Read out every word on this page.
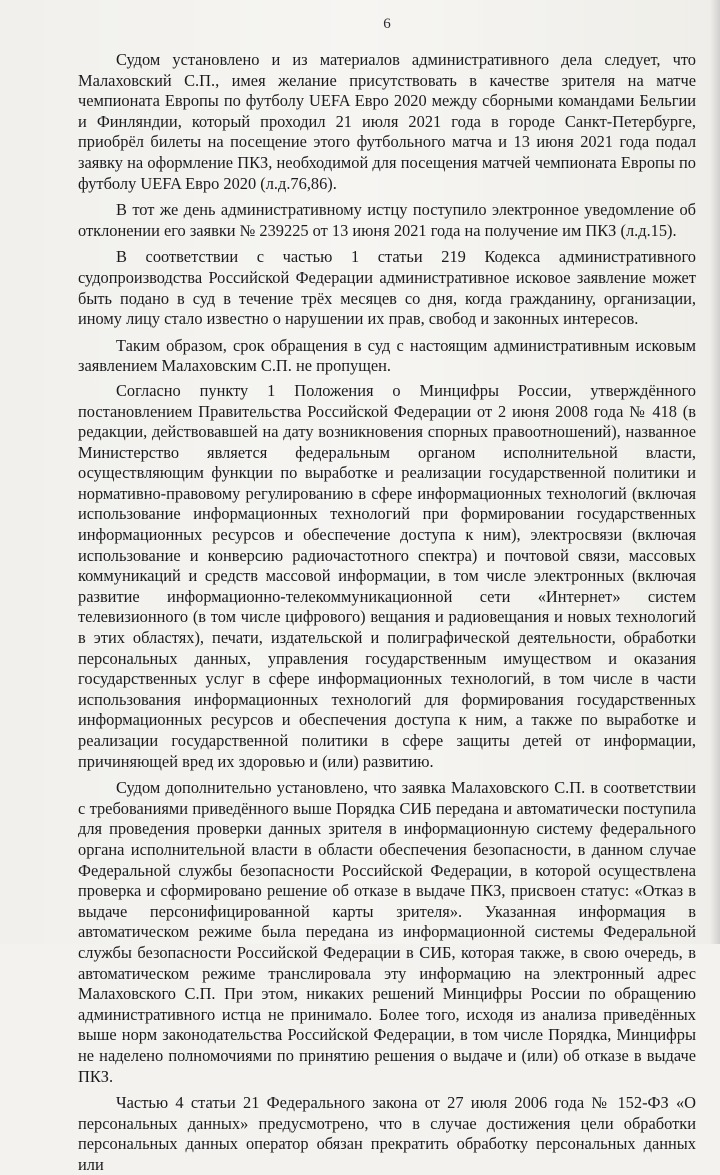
6

Судом установлено и из материалов административного дела следует, что Малаховский С.П., имея желание присутствовать в качестве зрителя на матче чемпионата Европы по футболу UEFA Евро 2020 между сборными командами Бельгии и Финляндии, который проходил 21 июля 2021 года в городе Санкт-Петербурге, приобрёл билеты на посещение этого футбольного матча и 13 июня 2021 года подал заявку на оформление ПКЗ, необходимой для посещения матчей чемпионата Европы по футболу UEFA Евро 2020 (л.д.76,86).

В тот же день административному истцу поступило электронное уведомление об отклонении его заявки № 239225 от 13 июня 2021 года на получение им ПКЗ (л.д.15).

В соответствии с частью 1 статьи 219 Кодекса административного судопроизводства Российской Федерации административное исковое заявление может быть подано в суд в течение трёх месяцев со дня, когда гражданину, организации, иному лицу стало известно о нарушении их прав, свобод и законных интересов.

Таким образом, срок обращения в суд с настоящим административным исковым заявлением Малаховским С.П. не пропущен.

Согласно пункту 1 Положения о Минцифры России, утверждённого постановлением Правительства Российской Федерации от 2 июня 2008 года № 418 (в редакции, действовавшей на дату возникновения спорных правоотношений), названное Министерство является федеральным органом исполнительной власти, осуществляющим функции по выработке и реализации государственной политики и нормативно-правовому регулированию в сфере информационных технологий (включая использование информационных технологий при формировании государственных информационных ресурсов и обеспечение доступа к ним), электросвязи (включая использование и конверсию радиочастотного спектра) и почтовой связи, массовых коммуникаций и средств массовой информации, в том числе электронных (включая развитие информационно-телекоммуникационной сети «Интернет» систем телевизионного (в том числе цифрового) вещания и радиовещания и новых технологий в этих областях), печати, издательской и полиграфической деятельности, обработки персональных данных, управления государственным имуществом и оказания государственных услуг в сфере информационных технологий, в том числе в части использования информационных технологий для формирования государственных информационных ресурсов и обеспечения доступа к ним, а также по выработке и реализации государственной политики в сфере защиты детей от информации, причиняющей вред их здоровью и (или) развитию.

Судом дополнительно установлено, что заявка Малаховского С.П. в соответствии с требованиями приведённого выше Порядка СИБ передана и автоматически поступила для проведения проверки данных зрителя в информационную систему федерального органа исполнительной власти в области обеспечения безопасности, в данном случае Федеральной службы безопасности Российской Федерации, в которой осуществлена проверка и сформировано решение об отказе в выдаче ПКЗ, присвоен статус: «Отказ в выдаче персонифицированной карты зрителя». Указанная информация в автоматическом режиме была передана из информационной системы Федеральной службы безопасности Российской Федерации в СИБ, которая также, в свою очередь, в автоматическом режиме транслировала эту информацию на электронный адрес Малаховского С.П. При этом, никаких решений Минцифры России по обращению административного истца не принимало. Более того, исходя из анализа приведённых выше норм законодательства Российской Федерации, в том числе Порядка, Минцифры не наделено полномочиями по принятию решения о выдаче и (или) об отказе в выдаче ПКЗ.

Частью 4 статьи 21 Федерального закона от 27 июля 2006 года № 152-ФЗ «О персональных данных» предусмотрено, что в случае достижения цели обработки персональных данных оператор обязан прекратить обработку персональных данных или
